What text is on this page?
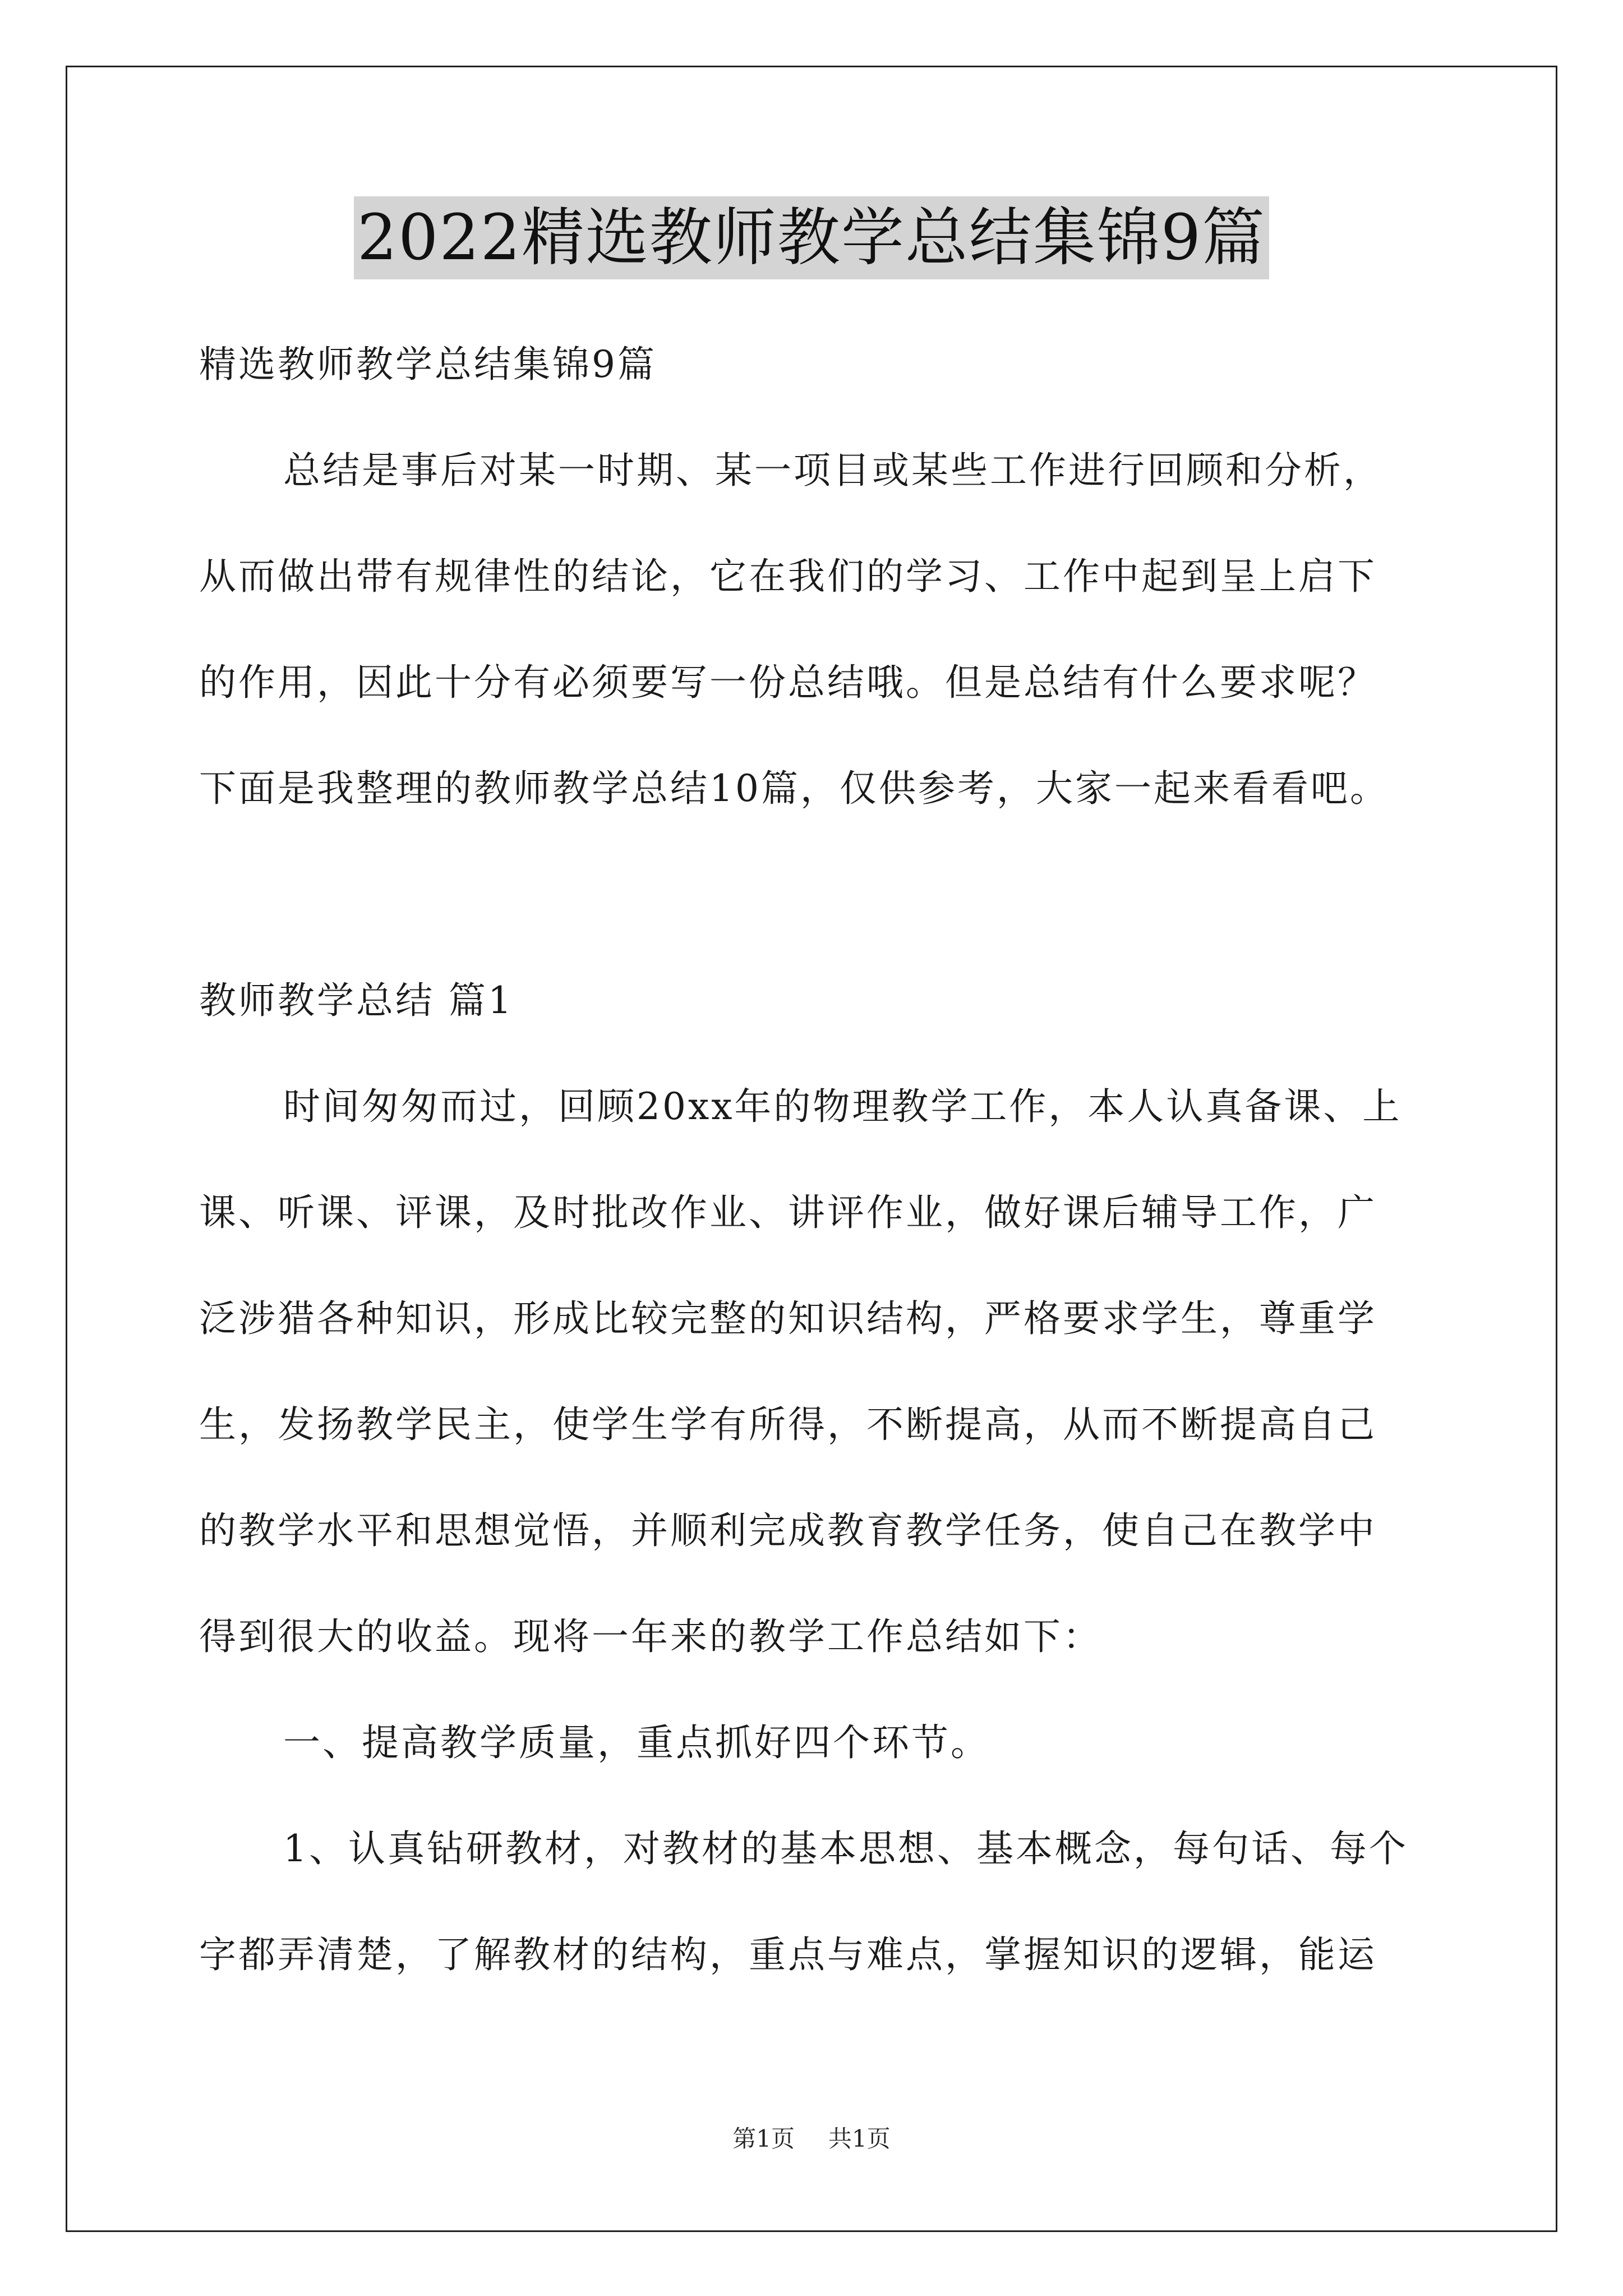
2022精选教师教学总结集锦9篇
精选教师教学总结集锦9篇
总结是事后对某一时期、某一项目或某些工作进行回顾和分析，
从而做出带有规律性的结论，它在我们的学习、工作中起到呈上启下
的作用，因此十分有必须要写一份总结哦。但是总结有什么要求呢？
下面是我整理的教师教学总结10篇，仅供参考，大家一起来看看吧。
教师教学总结 篇1
时间匆匆而过，回顾20xx年的物理教学工作，本人认真备课、上
课、听课、评课，及时批改作业、讲评作业，做好课后辅导工作，广
泛涉猎各种知识，形成比较完整的知识结构，严格要求学生，尊重学
生，发扬教学民主，使学生学有所得，不断提高，从而不断提高自己
的教学水平和思想觉悟，并顺利完成教育教学任务，使自己在教学中
得到很大的收益。现将一年来的教学工作总结如下：
一、提高教学质量，重点抓好四个环节。
1、认真钻研教材，对教材的基本思想、基本概念，每句话、每个
字都弄清楚，了解教材的结构，重点与难点，掌握知识的逻辑，能运
第1页 共1页
